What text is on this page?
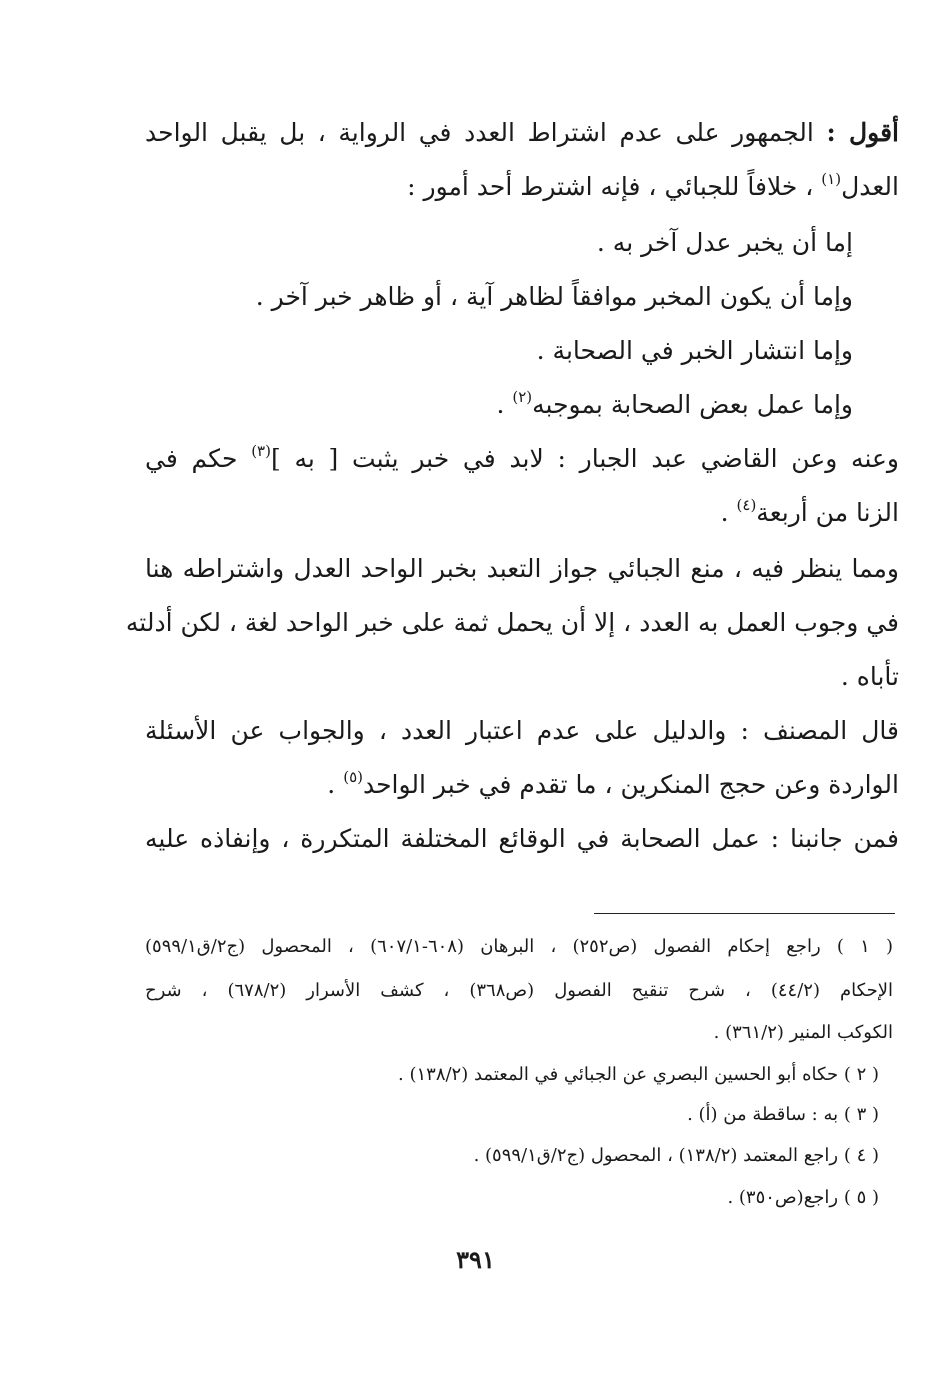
أقول : الجمهور على عدم اشتراط العدد في الرواية ، بل يقبل الواحد
العدل$^{(١)}$ ، خلافاً للجبائي ، فإنه اشترط أحد أمور :
إما أن يخبر عدل آخر به .
وإما أن يكون المخبر موافقاً لظاهر آية ، أو ظاهر خبر آخر .
وإما انتشار الخبر في الصحابة .
وإما عمل بعض الصحابة بموجبه$^{(٢)}$ .
وعنه وعن القاضي عبد الجبار : لابد في خبر يثبت [ به ]$^{(٣)}$ حكم في
الزنا من أربعة$^{(٤)}$ .
ومما ينظر فيه ، منع الجبائي جواز التعبد بخبر الواحد العدل واشتراطه هنا
في وجوب العمل به العدد ، إلا أن يحمل ثمة على خبر الواحد لغة ، لكن أدلته
تأباه .
قال المصنف : والدليل على عدم اعتبار العدد ، والجواب عن الأسئلة
الواردة وعن حجج المنكرين ، ما تقدم في خبر الواحد$^{(٥)}$ .
فمن جانبنا : عمل الصحابة في الوقائع المختلفة المتكررة ، وإنفاذه عليه
( ١ ) راجع إحكام الفصول (ص٢٥٢) ، البرهان (٦٠٨-٦٠٧/١) ، المحصول (ج٢/ق٥٩٩/١)
الإحكام (٤٤/٢) ، شرح تنقيح الفصول (ص٣٦٨) ، كشف الأسرار (٦٧٨/٢) ، شرح
الكوكب المنير (٣٦١/٢) .
( ٢ ) حكاه أبو الحسين البصري عن الجبائي في المعتمد (١٣٨/٢) .
( ٣ ) به : ساقطة من (أ) .
( ٤ ) راجع المعتمد (١٣٨/٢) ، المحصول (ج٢/ق٥٩٩/١) .
( ٥ ) راجع(ص٣٥٠) .
٣٩١
